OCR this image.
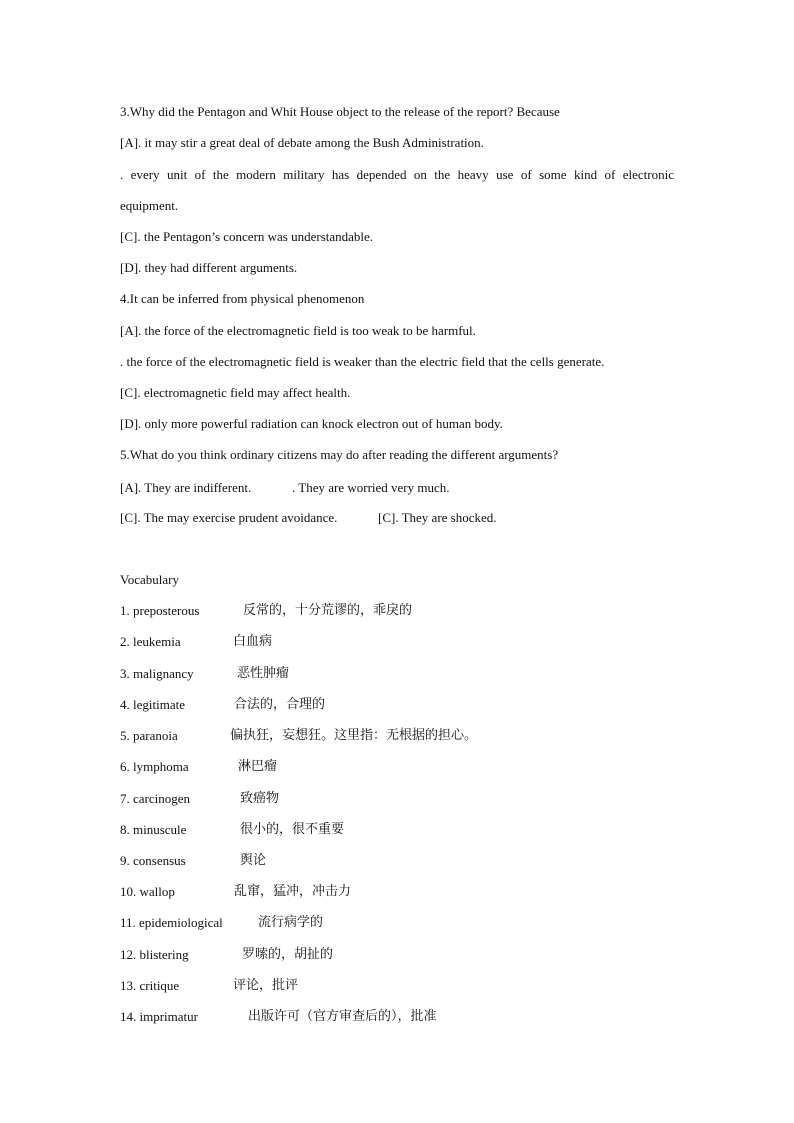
3.Why did the Pentagon and Whit House object to the release of the report? Because
[A]. it may stir a great deal of debate among the Bush Administration.
. every unit of the modern military has depended on the heavy use of some kind of electronic
equipment.
[C]. the Pentagon’s concern was understandable.
[D]. they had different arguments.
4.It can be inferred from physical phenomenon
[A]. the force of the electromagnetic field is too weak to be harmful.
. the force of the electromagnetic field is weaker than the electric field that the cells generate.
[C]. electromagnetic field may affect health.
[D]. only more powerful radiation can knock electron out of human body.
5.What do you think ordinary citizens may do after reading the different arguments?
[A]. They are indifferent.	. They are worried very much.
[C]. The may exercise prudent avoidance.	[C]. They are shocked.
Vocabulary
1. preposterous	反常的，十分荒谬的，乖戾的
2. leukemia	白血病
3. malignancy	恶性肿瘤
4. legitimate	合法的，合理的
5. paranoia	偏执狂，妄想狂。这里指：无根据的担心。
6. lymphoma	淋巴瘤
7. carcinogen	致癌物
8. minuscule	很小的，很不重要
9. consensus	舆论
10. wallop	乱窜，猛冲，冲击力
11. epidemiological	流行病学的
12. blistering	罗嗦的，胡扯的
13. critique	评论，批评
14. imprimatur	出版许可（官方审查后的），批准
